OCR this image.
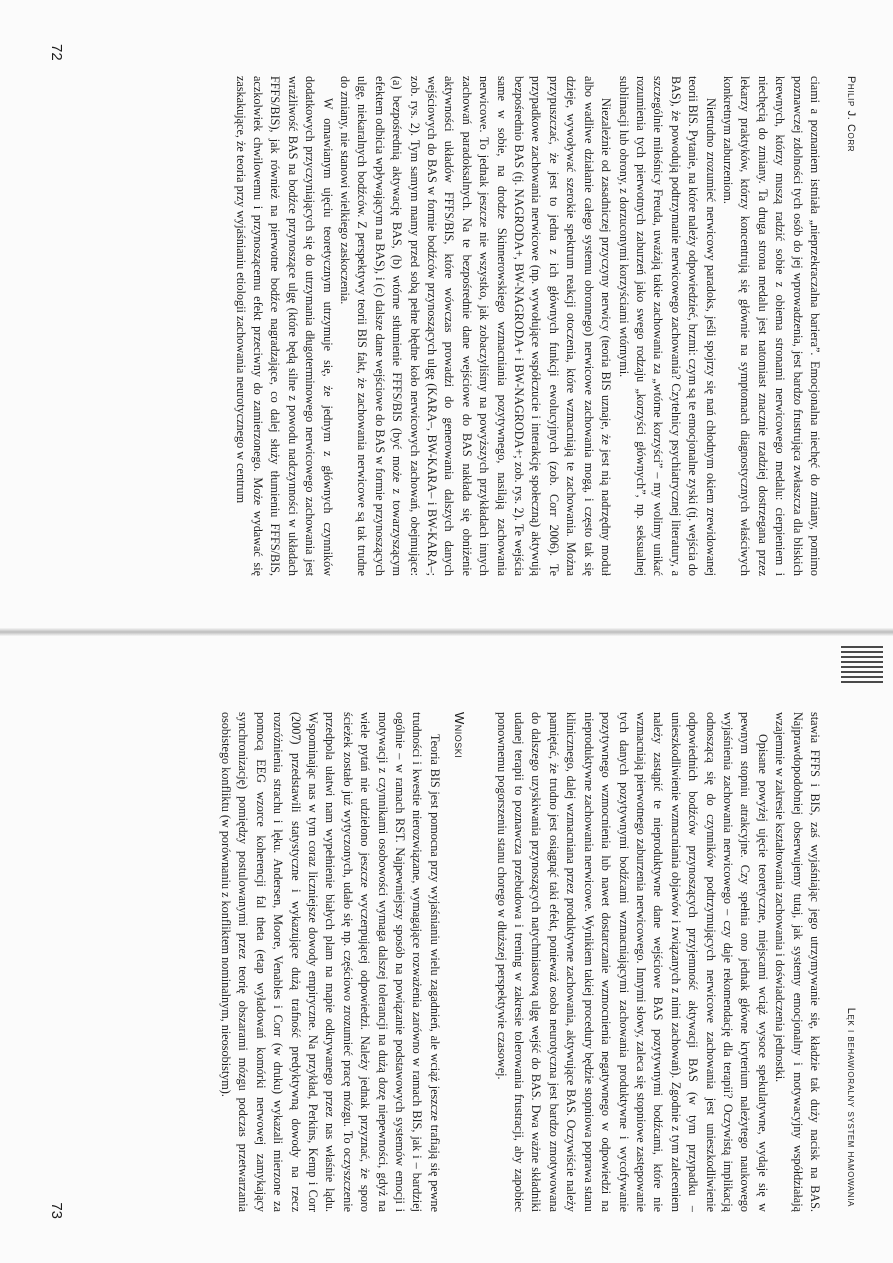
Philip J. Corr

ciami a poznaniem istniała „nieprzekraczalna bariera”. Emocjonalna niechęć do zmiany, pomimo poznawczej zdolności tych osób do jej wprowadzenia, jest bardzo frustrująca zwłaszcza dla bliskich krewnych, którzy muszą radzić sobie z obiema stronami nerwicowego medalu: cierpieniem i niechęcią do zmiany. Ta druga strona medalu jest natomiast znacznie rzadziej dostrzegana przez lekarzy praktyków, którzy koncentrują się głównie na symptomach diagnostycznych właściwych konkretnym zaburzeniom.

Nietrudno zrozumieć nerwicowy paradoks, jeśli spojrzy się nań chłodnym okiem zrewidowanej teorii BIS. Pytanie, na które należy odpowiedzieć, brzmi: czym są te emocjonalne zyski (tj. wejścia do BAS), że powodują podtrzymanie nerwicowego zachowania? Czytelnicy psychiatrycznej literatury, a szczególnie miłośnicy Freuda, uważają takie zachowania za „wtórne korzyści” – my wolimy unikać rozumienia tych pierwotnych zaburzeń jako swego rodzaju „korzyści głównych”, np. seksualnej sublimacji lub obrony, z dorzuconymi korzyściami wtórnymi.

Niezależnie od zasadniczej przyczyny nerwicy (teoria BIS uznaje, że jest nią nadrzędny moduł albo wadliwe działanie całego systemu obronnego) nerwicowe zachowania mogą, i często tak się dzieje, wywoływać szerokie spektrum reakcji otoczenia, które wzmacniają te zachowania. Można przypuszczać, że jest to jedna z ich głównych funkcji ewolucyjnych (zob. Corr 2006). Te przypadkowe zachowania nerwicowe (np. wywołujące współczucie i interakcję społeczną) aktywują bezpośrednio BAS (tj. NAGRODA+, BW-NAGRODA+ i BW-NAGRODA+; zob. rys. 2). Te wejścia same w sobie, na drodze Skinnerowskiego wzmacniania pozytywnego, nasilają zachowania nerwicowe. To jednak jeszcze nie wszystko, jak zobaczyliśmy na powyższych przykładach innych zachowań paradoksalnych. Na te bezpośrednie dane wejściowe do BAS nakłada się obniżenie aktywności układów FFFS/BIS, które wówczas prowadzi do generowania dalszych danych wejściowych do BAS w formie bodźców przynoszących ulgę (KARA–, BW-KARA– i BW-KARA–; zob. rys. 2). Tym samym mamy przed sobą pełne błędne koło nerwicowych zachowań, obejmujące: (a) bezpośrednią aktywację BAS, (b) wtórne stłumienie FFFS/BIS (być może z towarzyszącym efektem odbicia wpływającym na BAS), i (c) dalsze dane wejściowe do BAS w formie przynoszących ulgę, niekaralnych bodźców. Z perspektywy teorii BIS fakt, że zachowania nerwicowe są tak trudne do zmiany, nie stanowi wielkiego zaskoczenia.

W omawianym ujęciu teoretycznym utrzymuje się, że jednym z głównych czynników dodatkowych przyczyniających się do utrzymania długoterminowego nerwicowego zachowania jest wrażliwość BAS na bodźce przynoszące ulgę (które będą silne z powodu nadczynności w układach FFFS/BIS), jak również na pierwotne bodźce nagradzające, co dalej służy tłumieniu FFFS/BIS, aczkolwiek chwilowemu i przynoszącemu efekt przeciwny do zamierzonego. Może wydawać się zaskakujące, że teoria przy wyjaśnianiu etiologii zachowania neurotycznego w centrum

72
Lęk i behawioralny system hamowania

stawia FFFS i BIS, zaś wyjaśniając jego utrzymywanie się, kładzie tak duży nacisk na BAS. Najprawdopodobniej obserwujemy tutaj, jak systemy emocjonalny i motywacyjny współdziałają wzajemnie w zakresie kształtowania zachowania i doświadczenia jednostki.

Opisane powyżej ujęcie teoretyczne, miejscami wciąż wysoce spekulatywne, wydaje się w pewnym stopniu atrakcyjne. Czy spełnia ono jednak główne kryterium należytego naukowego wyjaśnienia zachowania nerwicowego – czy daje rekomendację dla terapii? Oczywistą implikacją odnoszącą się do czynników podtrzymujących nerwicowe zachowania jest unieszkodliwienie odpowiednich bodźców przynoszących przyjemność aktywacji BAS (w tym przypadku – unieszkodliwienie wzmacniania objawów i związanych z nimi zachowań). Zgodnie z tym zaleceniem należy zastąpić te nieproduktywne dane wejściowe BAS pozytywnymi bodźcami, które nie wzmacniają pierwotnego zaburzenia nerwicowego. Innymi słowy, zaleca się stopniowe zastępowanie tych danych pozytywnymi bodźcami wzmacniającymi zachowania produktywne i wycofywanie pozytywnego wzmocnienia lub nawet dostarczanie wzmocnienia negatywnego w odpowiedzi na nieproduktywne zachowania nerwicowe. Wynikiem takiej procedury będzie stopniowa poprawa stanu klinicznego, dalej wzmacniana przez produktywne zachowania, aktywujące BAS. Oczywiście należy pamiętać, że trudno jest osiągnąć taki efekt, ponieważ osoba neurotyczna jest bardzo zmotywowana do dalszego uzyskiwania przynoszących natychmiastową ulgę wejść do BAS. Dwa ważne składniki udanej terapii to poznawcza przebudowa i trening w zakresie tolerowania frustracji, aby zapobiec ponownemu pogorszeniu stanu chorego w dłuższej perspektywie czasowej.

Wnioski

Teoria BIS jest pomocna przy wyjaśnianiu wielu zagadnień, ale wciąż jeszcze trafiają się pewne trudności i kwestie nierozwiązane, wymagające rozważenia zarówno w ramach BIS, jak i – bardziej ogólnie – w ramach RST. Najpewniejszy sposób na powiązanie podstawowych systemów emocji i motywacji z czynnikami osobowości wymaga dalszej tolerancji na dużą dozę niepewności, gdyż na wiele pytań nie udzielono jeszcze wyczerpującej odpowiedzi. Należy jednak przyznać, że sporo ścieżek zostało już wytyczonych, udało się np. częściowo zrozumieć pracę mózgu. To oczyszczenie przedpola ułatwi nam wypełnienie białych plam na mapie odkrywanego przez nas właśnie lądu. Wspominając nas w tym coraz liczniejsze dowody empiryczne. Na przykład, Perkins, Kemp i Corr (2007) przedstawili statystyczne i wykazujące dużą trafność predyktywną dowody na rzecz rozróżnienia strachu i lęku. Andersen, Moore, Venables i Corr (w druku) wykazali mierzone za pomocą EEG wzorce koherencji fal theta (etap wyładowań komórki nerwowej zamykający synchronizację) pomiędzy postulowanymi przez teorię obszarami mózgu podczas przetwarzania osobistego konfliktu (w porównaniu z konfliktem nominalnym, nieosobistym).

73
